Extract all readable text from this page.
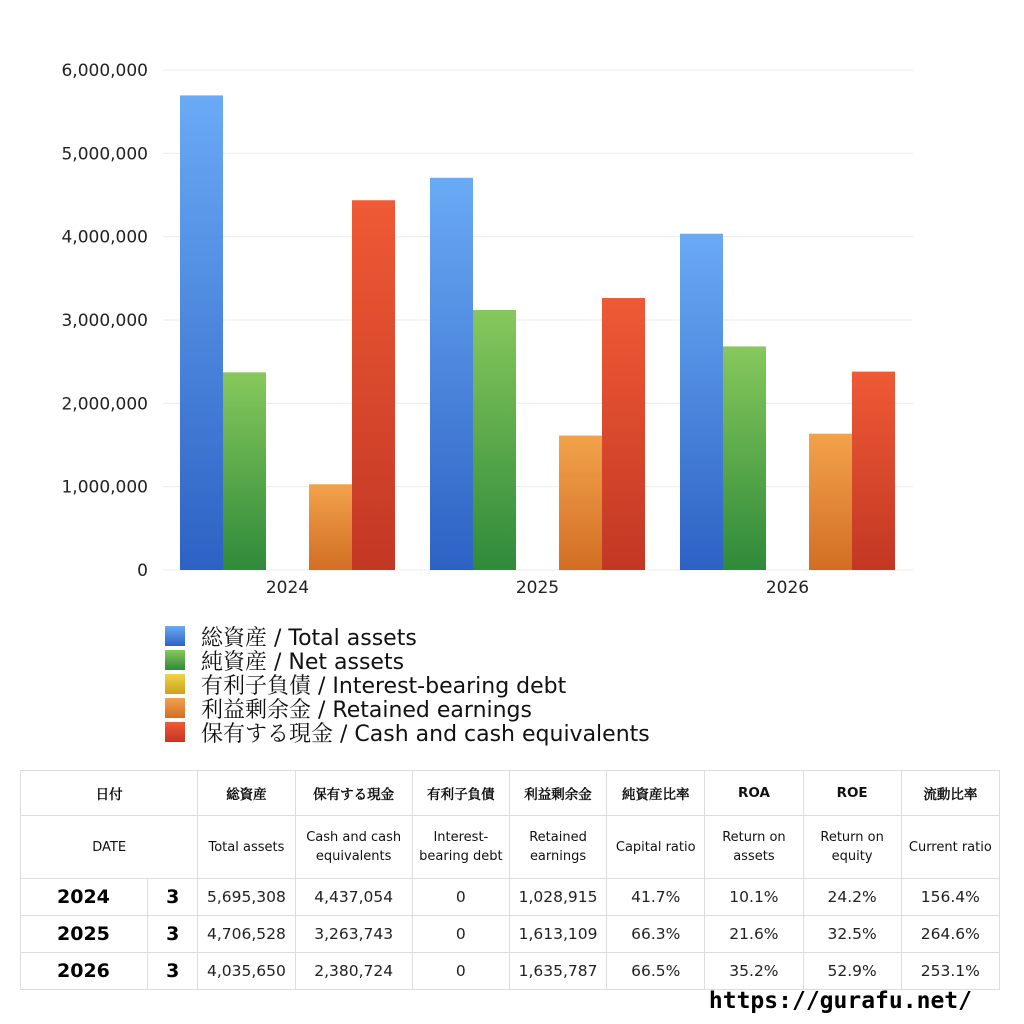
0
1,000,000
2,000,000
3,000,000
4,000,000
5,000,000
6,000,000
2024	2025	2026
総資産 / Total assets
純資産 / Net assets
有利子負債 / Interest-bearing debt
利益剰余金 / Retained earnings
保有する現金 / Cash and cash equivalents
日付		総資産	保有する現金	有利子負債	利益剰余金	純資産比率	ROA	ROE	流動比率
DATE		Total assets	Cash and cash equivalents	Interest-bearing debt	Retained earnings	Capital ratio	Return on assets	Return on equity	Current ratio
2024	3	5,695,308	4,437,054	0	1,028,915	41.7%	10.1%	24.2%	156.4%
2025	3	4,706,528	3,263,743	0	1,613,109	66.3%	21.6%	32.5%	264.6%
2026	3	4,035,650	2,380,724	0	1,635,787	66.5%	35.2%	52.9%	253.1%
https://gurafu.net/
